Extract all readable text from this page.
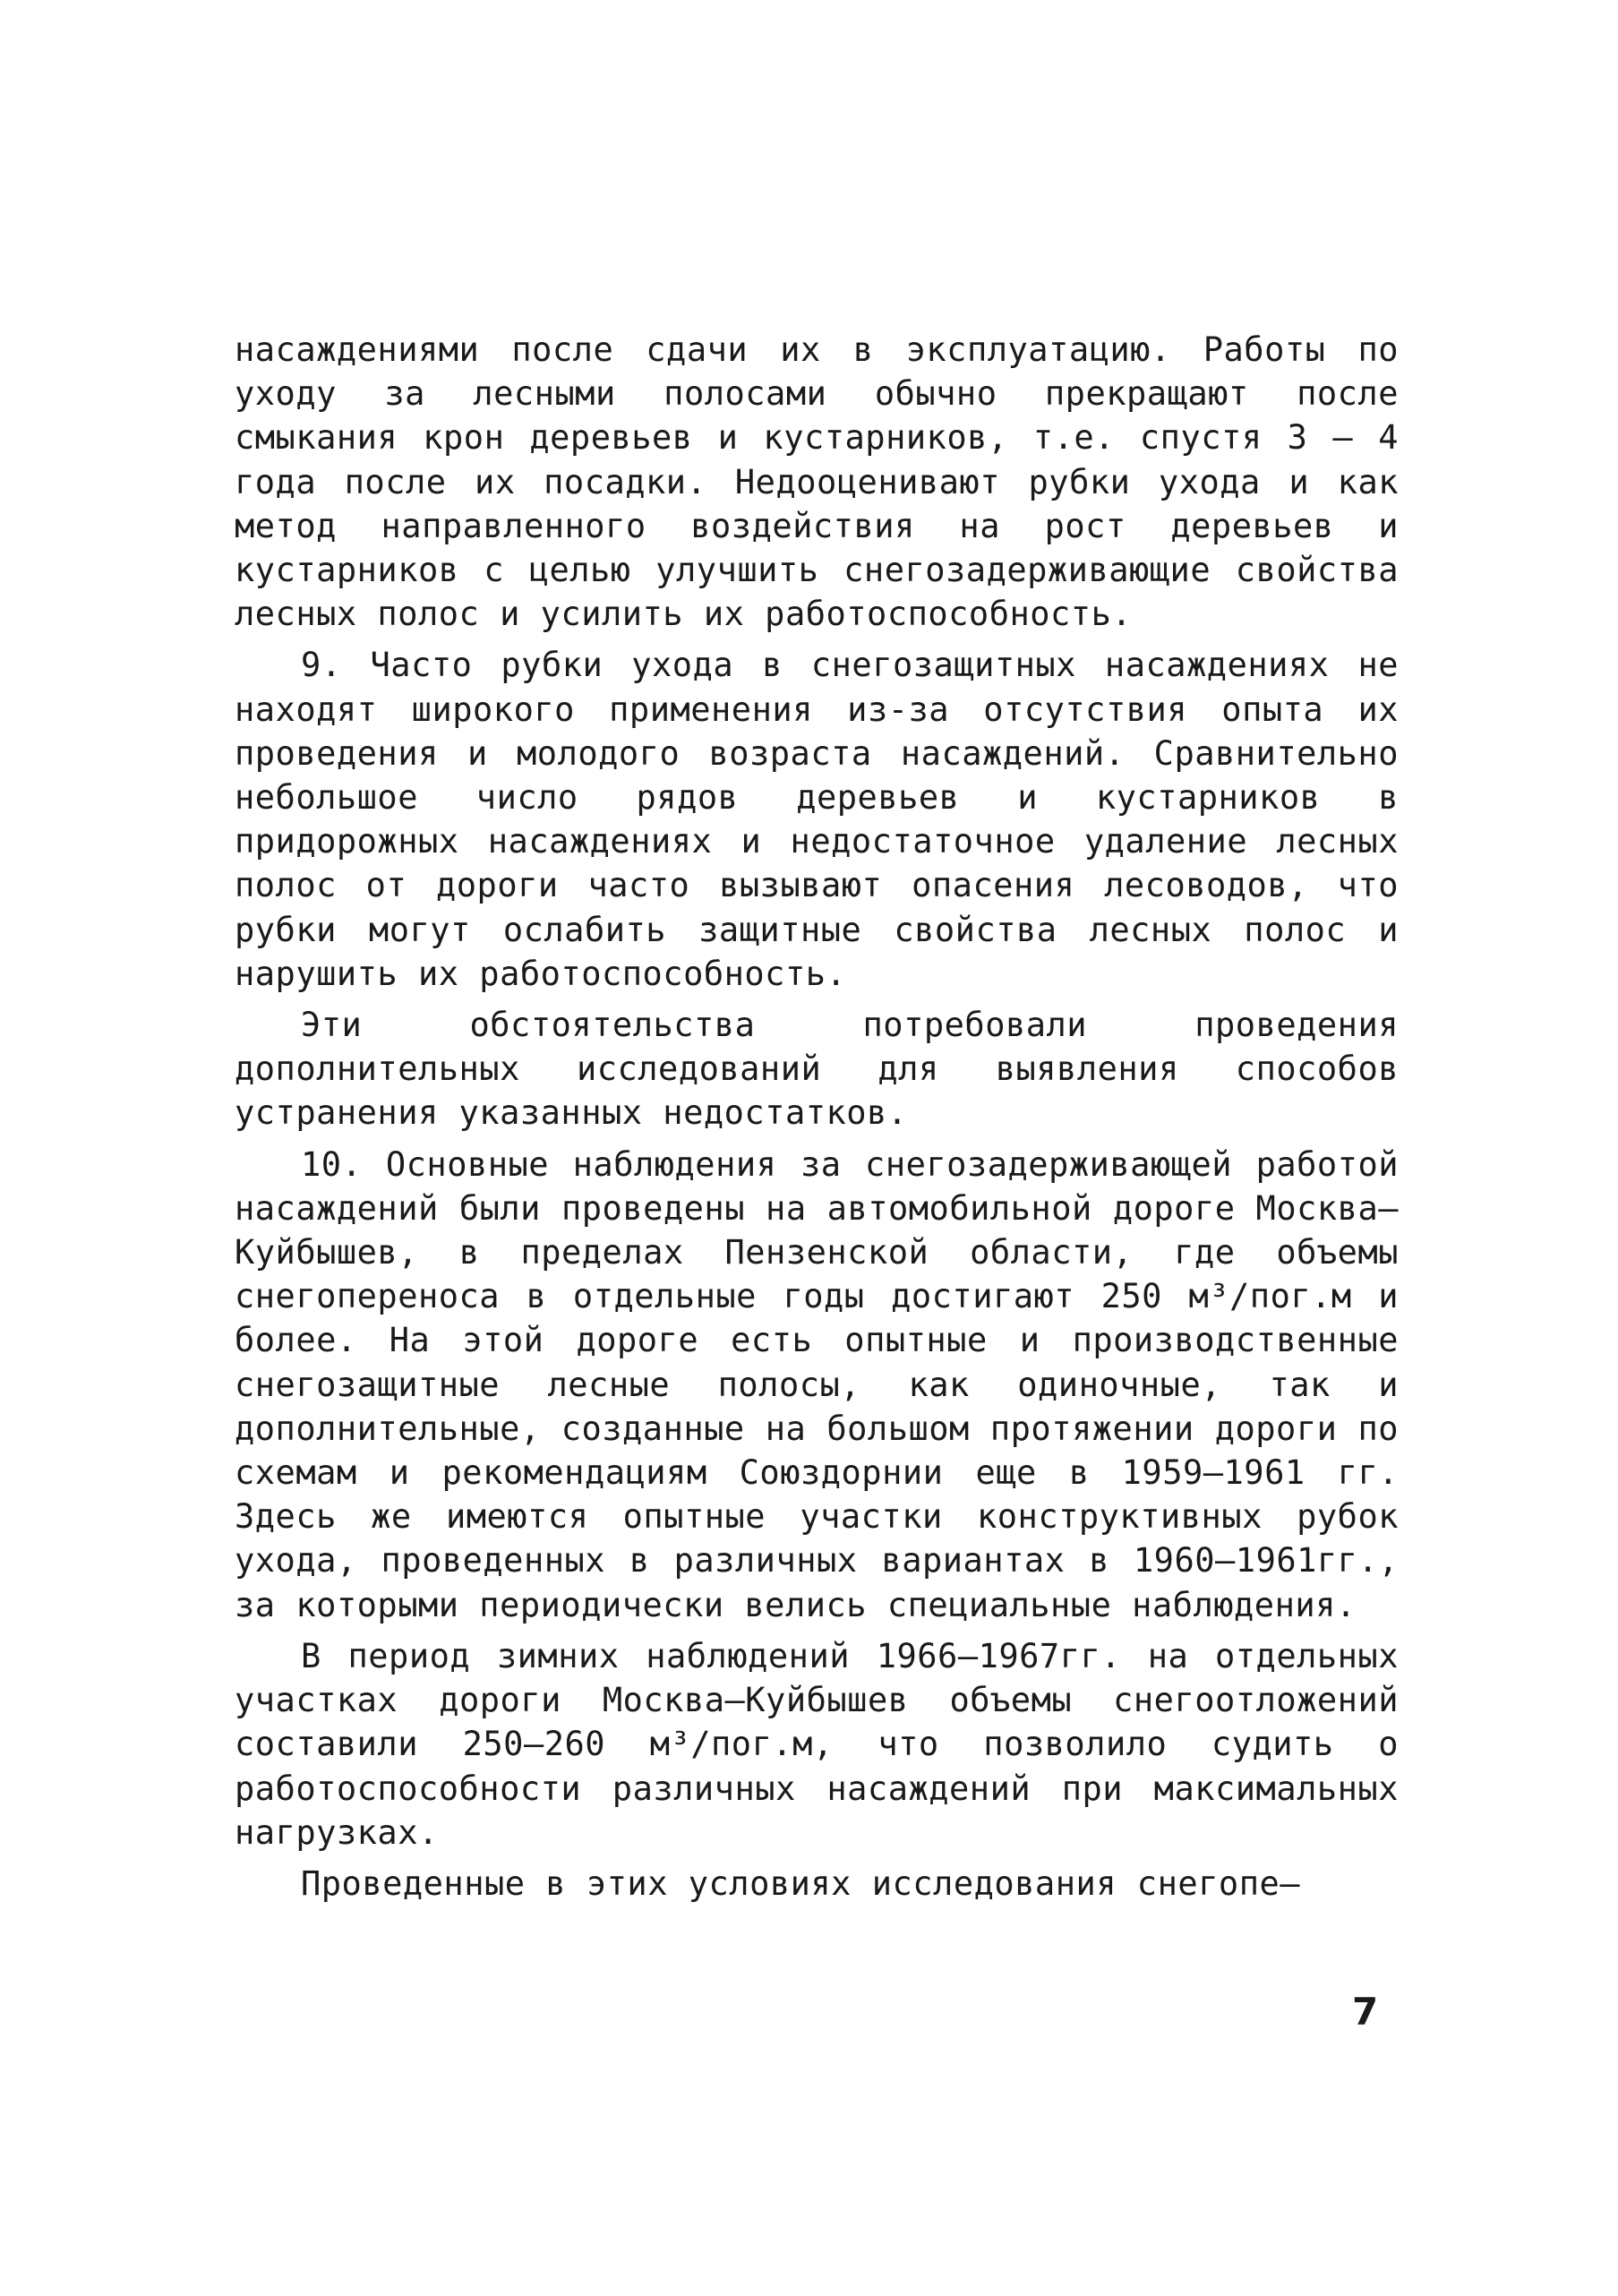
насаждениями после сдачи их в эксплуатацию. Работы по уходу за лесными полосами обычно прекращают после смыкания крон деревьев и кустарников, т.е. спустя 3 – 4 года после их посадки. Недооценивают рубки ухода и как метод направленного воздействия на рост деревьев и кустарников с целью улучшить снегозадерживающие свойства лесных полос и усилить их работоспособность.

9. Часто рубки ухода в снегозащитных насаждениях не находят широкого применения из-за отсутствия опыта их проведения и молодого возраста насаждений. Сравнительно небольшое число рядов деревьев и кустарников в придорожных насаждениях и недостаточное удаление лесных полос от дороги часто вызывают опасения лесоводов, что рубки могут ослабить защитные свойства лесных полос и нарушить их работоспособность.

Эти обстоятельства потребовали проведения дополнительных исследований для выявления способов устранения указанных недостатков.

10. Основные наблюдения за снегозадерживающей работой насаждений были проведены на автомобильной дороге Москва–Куйбышев, в пределах Пензенской области, где объемы снегопереноса в отдельные годы достигают 250 м³/пог.м и более. На этой дороге есть опытные и производственные снегозащитные лесные полосы, как одиночные, так и дополнительные, созданные на большом протяжении дороги по схемам и рекомендациям Союздорнии еще в 1959–1961 гг. Здесь же имеются опытные участки конструктивных рубок ухода, проведенных в различных вариантах в 1960–1961гг., за которыми периодически велись специальные наблюдения.

В период зимних наблюдений 1966–1967гг. на отдельных участках дороги Москва–Куйбышев объемы снегоотложений составили 250–260 м³/пог.м, что позволило судить о работоспособности различных насаждений при максимальных нагрузках.

Проведенные в этих условиях исследования снегопе–

7
